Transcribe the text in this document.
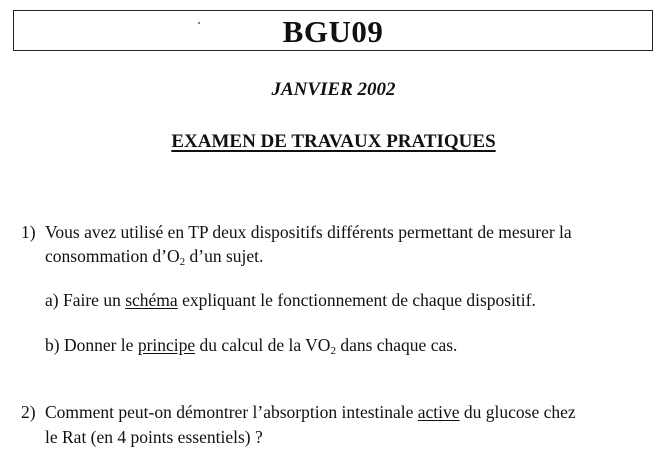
BGU09
JANVIER 2002
EXAMEN DE TRAVAUX PRATIQUES
1) Vous avez utilisé en TP deux dispositifs différents permettant de mesurer la
consommation $d’O_2$ d’un sujet.
a) Faire un schéma expliquant le fonctionnement de chaque dispositif.
b) Donner le principe du calcul de la $VO_2$ dans chaque cas.
2) Comment peut-on démontrer l’absorption intestinale active du glucose chez
le Rat (en 4 points essentiels) ?
